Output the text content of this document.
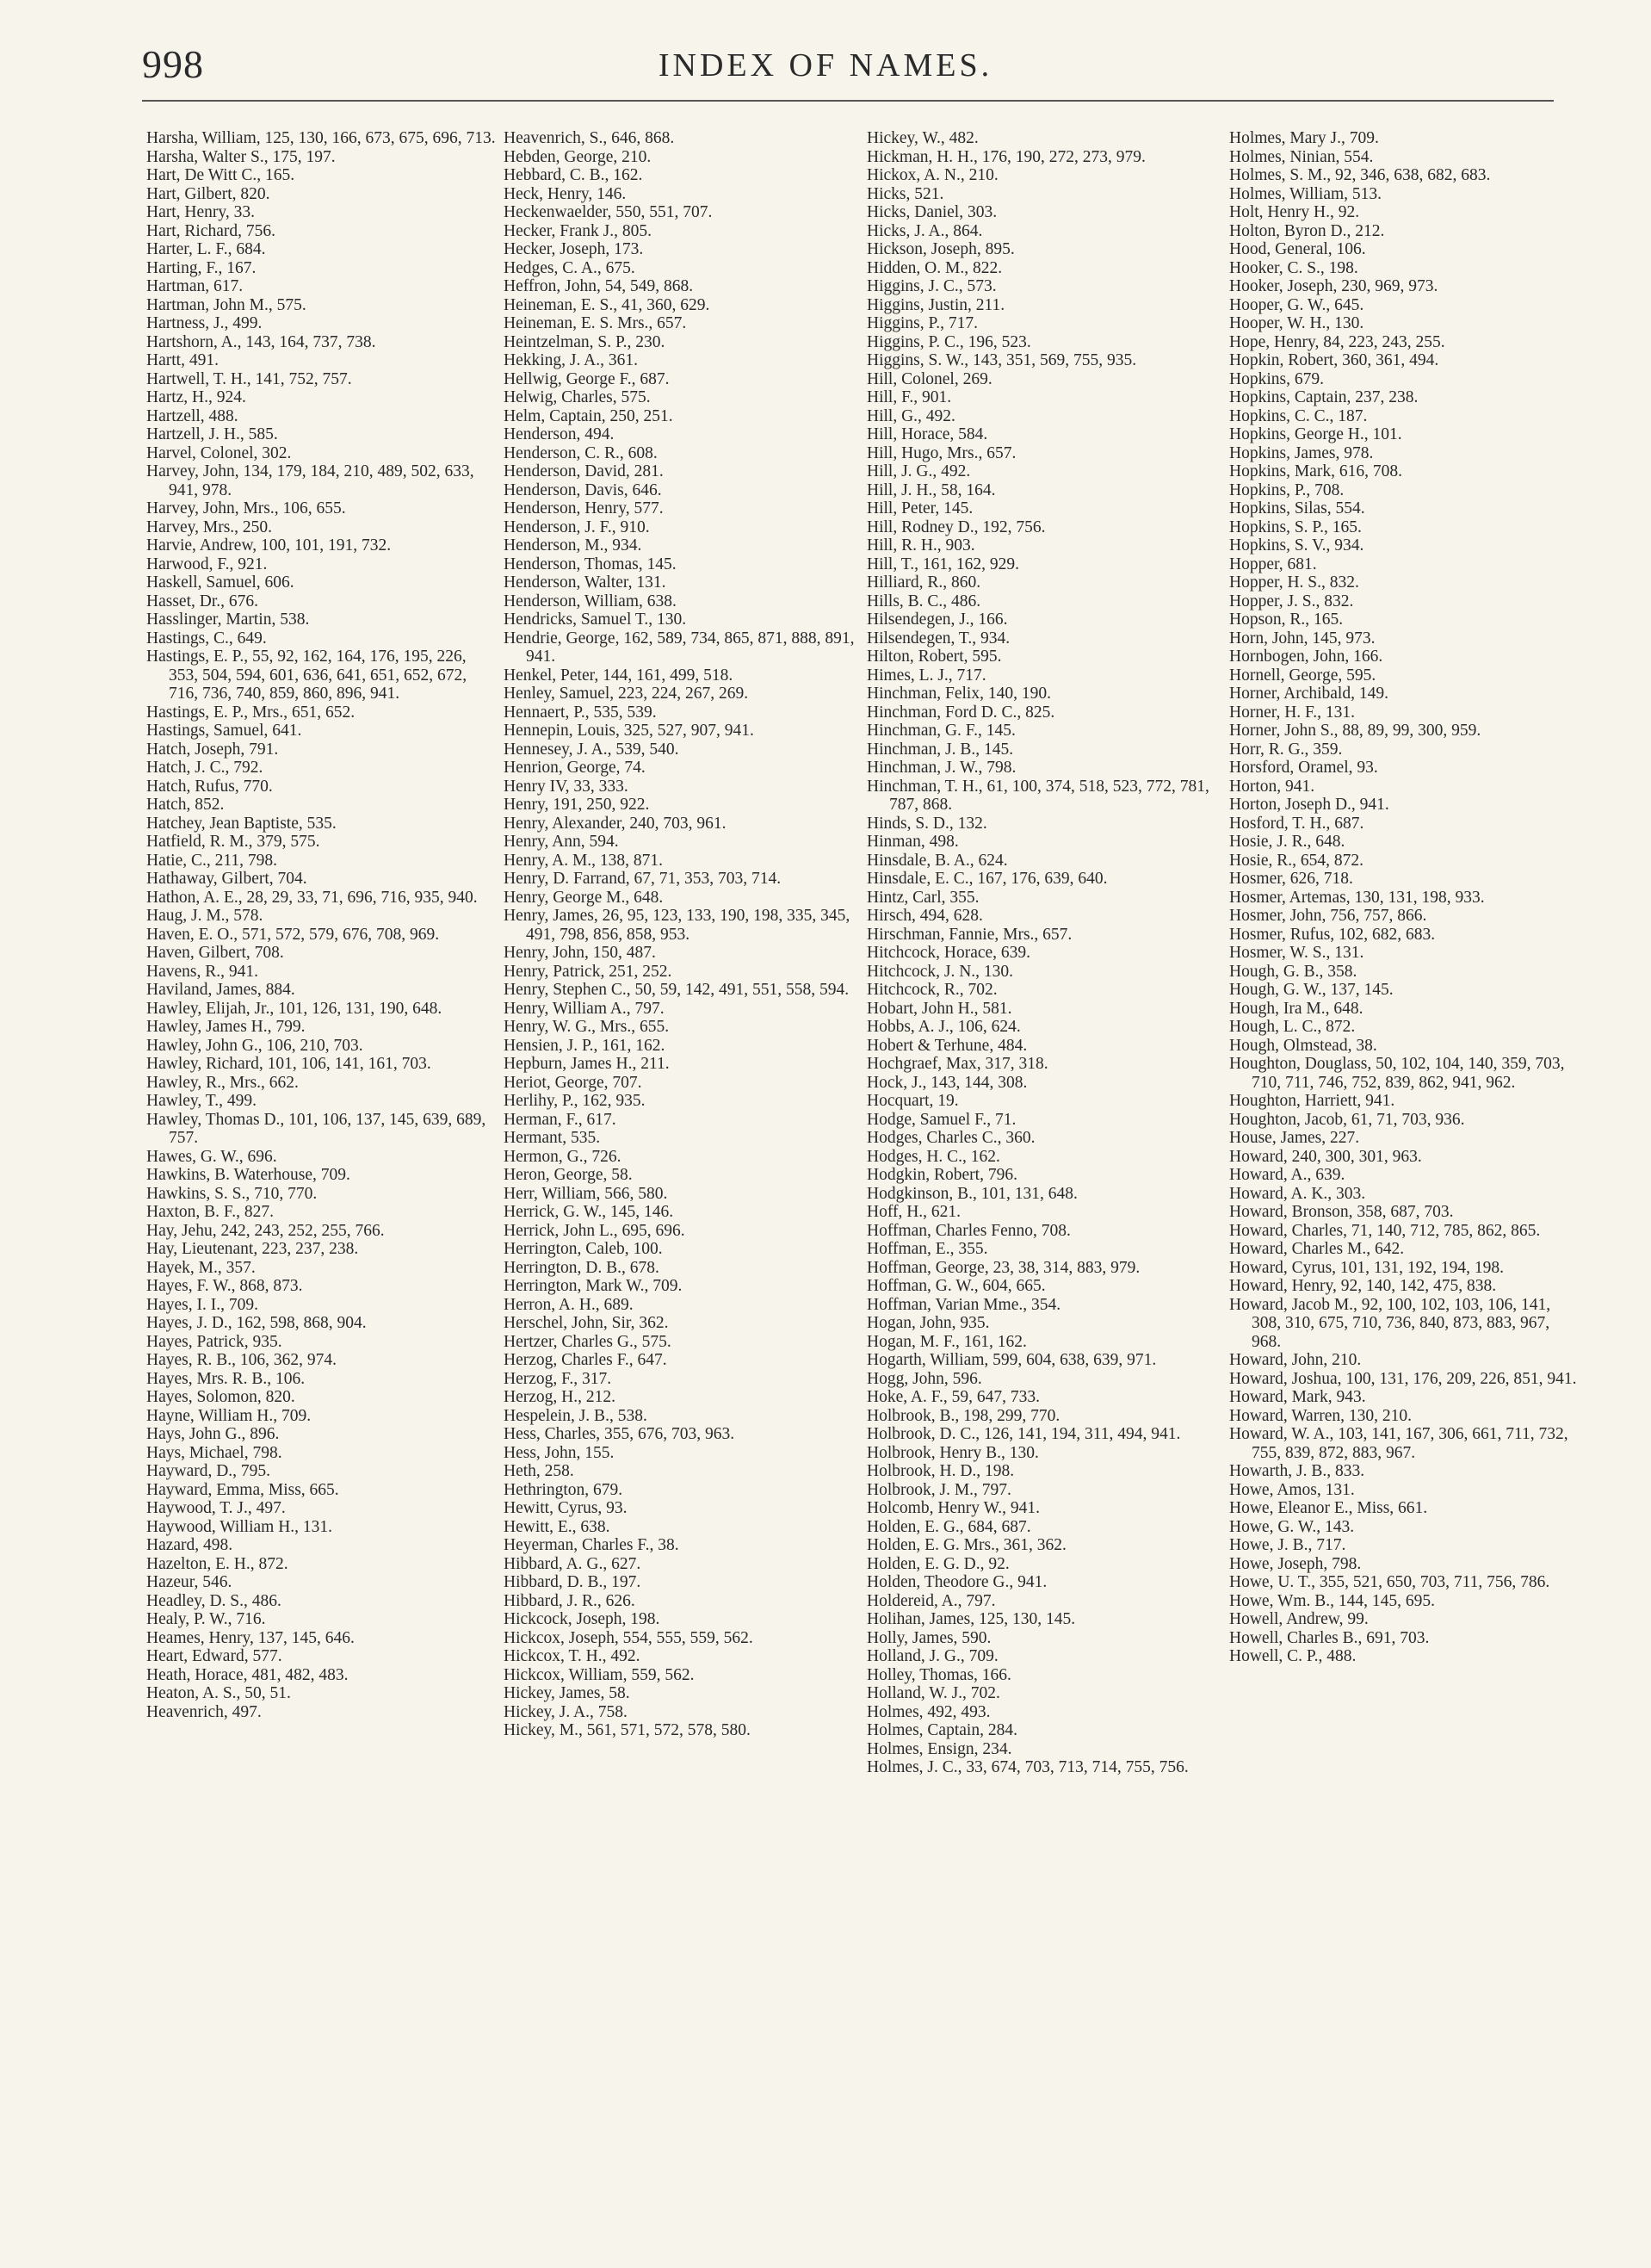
998	INDEX OF NAMES.
Harsha, William, 125, 130, 166, 673, 675, 696, 713.
Harsha, Walter S., 175, 197.
Hart, De Witt C., 165.
Hart, Gilbert, 820.
Hart, Henry, 33.
Hart, Richard, 756.
Harter, L. F., 684.
Harting, F., 167.
Hartman, 617.
Hartman, John M., 575.
Hartness, J., 499.
Hartshorn, A., 143, 164, 737, 738.
Hartt, 491.
Hartwell, T. H., 141, 752, 757.
Hartz, H., 924.
Hartzell, 488.
Hartzell, J. H., 585.
Harvel, Colonel, 302.
Harvey, John, 134, 179, 184, 210, 489, 502, 633, 941, 978.
Harvey, John, Mrs., 106, 655.
Harvey, Mrs., 250.
Harvie, Andrew, 100, 101, 191, 732.
Harwood, F., 921.
Haskell, Samuel, 606.
Hasset, Dr., 676.
Hasslinger, Martin, 538.
Hastings, C., 649.
Hastings, E. P., 55, 92, 162, 164, 176, 195, 226, 353, 504, 594, 601, 636, 641, 651, 652, 672, 716, 736, 740, 859, 860, 896, 941.
Hastings, E. P., Mrs., 651, 652.
Hastings, Samuel, 641.
Hatch, Joseph, 791.
Hatch, J. C., 792.
Hatch, Rufus, 770.
Hatch, 852.
Hatchey, Jean Baptiste, 535.
Hatfield, R. M., 379, 575.
Hatie, C., 211, 798.
Hathaway, Gilbert, 704.
Hathon, A. E., 28, 29, 33, 71, 696, 716, 935, 940.
Haug, J. M., 578.
Haven, E. O., 571, 572, 579, 676, 708, 969.
Haven, Gilbert, 708.
Havens, R., 941.
Haviland, James, 884.
Hawley, Elijah, Jr., 101, 126, 131, 190, 648.
Hawley, James H., 799.
Hawley, John G., 106, 210, 703.
Hawley, Richard, 101, 106, 141, 161, 703.
Hawley, R., Mrs., 662.
Hawley, T., 499.
Hawley, Thomas D., 101, 106, 137, 145, 639, 689, 757.
Hawes, G. W., 696.
Hawkins, B. Waterhouse, 709.
Hawkins, S. S., 710, 770.
Haxton, B. F., 827.
Hay, Jehu, 242, 243, 252, 255, 766.
Hay, Lieutenant, 223, 237, 238.
Hayek, M., 357.
Hayes, F. W., 868, 873.
Hayes, I. I., 709.
Hayes, J. D., 162, 598, 868, 904.
Hayes, Patrick, 935.
Hayes, R. B., 106, 362, 974.
Hayes, Mrs. R. B., 106.
Hayes, Solomon, 820.
Hayne, William H., 709.
Hays, John G., 896.
Hays, Michael, 798.
Hayward, D., 795.
Hayward, Emma, Miss, 665.
Haywood, T. J., 497.
Haywood, William H., 131.
Hazard, 498.
Hazelton, E. H., 872.
Hazeur, 546.
Headley, D. S., 486.
Healy, P. W., 716.
Heames, Henry, 137, 145, 646.
Heart, Edward, 577.
Heath, Horace, 481, 482, 483.
Heaton, A. S., 50, 51.
Heavenrich, 497.
Heavenrich, S., 646, 868.
Hebden, George, 210.
Hebbard, C. B., 162.
Heck, Henry, 146.
Heckenwaelder, 550, 551, 707.
Hecker, Frank J., 805.
Hecker, Joseph, 173.
Hedges, C. A., 675.
Heffron, John, 54, 549, 868.
Heineman, E. S., 41, 360, 629.
Heineman, E. S. Mrs., 657.
Heintzelman, S. P., 230.
Hekking, J. A., 361.
Hellwig, George F., 687.
Helwig, Charles, 575.
Helm, Captain, 250, 251.
Henderson, 494.
Henderson, C. R., 608.
Henderson, David, 281.
Henderson, Davis, 646.
Henderson, Henry, 577.
Henderson, J. F., 910.
Henderson, M., 934.
Henderson, Thomas, 145.
Henderson, Walter, 131.
Henderson, William, 638.
Hendricks, Samuel T., 130.
Hendrie, George, 162, 589, 734, 865, 871, 888, 891, 941.
Henkel, Peter, 144, 161, 499, 518.
Henley, Samuel, 223, 224, 267, 269.
Hennaert, P., 535, 539.
Hennepin, Louis, 325, 527, 907, 941.
Hennesey, J. A., 539, 540.
Henrion, George, 74.
Henry IV, 33, 333.
Henry, 191, 250, 922.
Henry, Alexander, 240, 703, 961.
Henry, Ann, 594.
Henry, A. M., 138, 871.
Henry, D. Farrand, 67, 71, 353, 703, 714.
Henry, George M., 648.
Henry, James, 26, 95, 123, 133, 190, 198, 335, 345, 491, 798, 856, 858, 953.
Henry, John, 150, 487.
Henry, Patrick, 251, 252.
Henry, Stephen C., 50, 59, 142, 491, 551, 558, 594.
Henry, William A., 797.
Henry, W. G., Mrs., 655.
Hensien, J. P., 161, 162.
Hepburn, James H., 211.
Heriot, George, 707.
Herlihy, P., 162, 935.
Herman, F., 617.
Hermant, 535.
Hermon, G., 726.
Heron, George, 58.
Herr, William, 566, 580.
Herrick, G. W., 145, 146.
Herrick, John L., 695, 696.
Herrington, Caleb, 100.
Herrington, D. B., 678.
Herrington, Mark W., 709.
Herron, A. H., 689.
Herschel, John, Sir, 362.
Hertzer, Charles G., 575.
Herzog, Charles F., 647.
Herzog, F., 317.
Herzog, H., 212.
Hespelein, J. B., 538.
Hess, Charles, 355, 676, 703, 963.
Hess, John, 155.
Heth, 258.
Hethrington, 679.
Hewitt, Cyrus, 93.
Hewitt, E., 638.
Heyerman, Charles F., 38.
Hibbard, A. G., 627.
Hibbard, D. B., 197.
Hibbard, J. R., 626.
Hickcock, Joseph, 198.
Hickcox, Joseph, 554, 555, 559, 562.
Hickcox, T. H., 492.
Hickcox, William, 559, 562.
Hickey, James, 58.
Hickey, J. A., 758.
Hickey, M., 561, 571, 572, 578, 580.
Hickey, W., 482.
Hickman, H. H., 176, 190, 272, 273, 979.
Hickox, A. N., 210.
Hicks, 521.
Hicks, Daniel, 303.
Hicks, J. A., 864.
Hickson, Joseph, 895.
Hidden, O. M., 822.
Higgins, J. C., 573.
Higgins, Justin, 211.
Higgins, P., 717.
Higgins, P. C., 196, 523.
Higgins, S. W., 143, 351, 569, 755, 935.
Hill, Colonel, 269.
Hill, F., 901.
Hill, G., 492.
Hill, Horace, 584.
Hill, Hugo, Mrs., 657.
Hill, J. G., 492.
Hill, J. H., 58, 164.
Hill, Peter, 145.
Hill, Rodney D., 192, 756.
Hill, R. H., 903.
Hill, T., 161, 162, 929.
Hilliard, R., 860.
Hills, B. C., 486.
Hilsendegen, J., 166.
Hilsendegen, T., 934.
Hilton, Robert, 595.
Himes, L. J., 717.
Hinchman, Felix, 140, 190.
Hinchman, Ford D. C., 825.
Hinchman, G. F., 145.
Hinchman, J. B., 145.
Hinchman, J. W., 798.
Hinchman, T. H., 61, 100, 374, 518, 523, 772, 781, 787, 868.
Hinds, S. D., 132.
Hinman, 498.
Hinsdale, B. A., 624.
Hinsdale, E. C., 167, 176, 639, 640.
Hintz, Carl, 355.
Hirsch, 494, 628.
Hirschman, Fannie, Mrs., 657.
Hitchcock, Horace, 639.
Hitchcock, J. N., 130.
Hitchcock, R., 702.
Hobart, John H., 581.
Hobbs, A. J., 106, 624.
Hobert & Terhune, 484.
Hochgraef, Max, 317, 318.
Hock, J., 143, 144, 308.
Hocquart, 19.
Hodge, Samuel F., 71.
Hodges, Charles C., 360.
Hodges, H. C., 162.
Hodgkin, Robert, 796.
Hodgkinson, B., 101, 131, 648.
Hoff, H., 621.
Hoffman, Charles Fenno, 708.
Hoffman, E., 355.
Hoffman, George, 23, 38, 314, 883, 979.
Hoffman, G. W., 604, 665.
Hoffman, Varian Mme., 354.
Hogan, John, 935.
Hogan, M. F., 161, 162.
Hogarth, William, 599, 604, 638, 639, 971.
Hogg, John, 596.
Hoke, A. F., 59, 647, 733.
Holbrook, B., 198, 299, 770.
Holbrook, D. C., 126, 141, 194, 311, 494, 941.
Holbrook, Henry B., 130.
Holbrook, H. D., 198.
Holbrook, J. M., 797.
Holcomb, Henry W., 941.
Holden, E. G., 684, 687.
Holden, E. G. Mrs., 361, 362.
Holden, E. G. D., 92.
Holden, Theodore G., 941.
Holdereid, A., 797.
Holihan, James, 125, 130, 145.
Holly, James, 590.
Holland, J. G., 709.
Holley, Thomas, 166.
Holland, W. J., 702.
Holmes, 492, 493.
Holmes, Captain, 284.
Holmes, Ensign, 234.
Holmes, J. C., 33, 674, 703, 713, 714, 755, 756.
Holmes, Mary J., 709.
Holmes, Ninian, 554.
Holmes, S. M., 92, 346, 638, 682, 683.
Holmes, William, 513.
Holt, Henry H., 92.
Holton, Byron D., 212.
Hood, General, 106.
Hooker, C. S., 198.
Hooker, Joseph, 230, 969, 973.
Hooper, G. W., 645.
Hooper, W. H., 130.
Hope, Henry, 84, 223, 243, 255.
Hopkin, Robert, 360, 361, 494.
Hopkins, 679.
Hopkins, Captain, 237, 238.
Hopkins, C. C., 187.
Hopkins, George H., 101.
Hopkins, James, 978.
Hopkins, Mark, 616, 708.
Hopkins, P., 708.
Hopkins, Silas, 554.
Hopkins, S. P., 165.
Hopkins, S. V., 934.
Hopper, 681.
Hopper, H. S., 832.
Hopper, J. S., 832.
Hopson, R., 165.
Horn, John, 145, 973.
Hornbogen, John, 166.
Hornell, George, 595.
Horner, Archibald, 149.
Horner, H. F., 131.
Horner, John S., 88, 89, 99, 300, 959.
Horr, R. G., 359.
Horsford, Oramel, 93.
Horton, 941.
Horton, Joseph D., 941.
Hosford, T. H., 687.
Hosie, J. R., 648.
Hosie, R., 654, 872.
Hosmer, 626, 718.
Hosmer, Artemas, 130, 131, 198, 933.
Hosmer, John, 756, 757, 866.
Hosmer, Rufus, 102, 682, 683.
Hosmer, W. S., 131.
Hough, G. B., 358.
Hough, G. W., 137, 145.
Hough, Ira M., 648.
Hough, L. C., 872.
Hough, Olmstead, 38.
Houghton, Douglass, 50, 102, 104, 140, 359, 703, 710, 711, 746, 752, 839, 862, 941, 962.
Houghton, Harriett, 941.
Houghton, Jacob, 61, 71, 703, 936.
House, James, 227.
Howard, 240, 300, 301, 963.
Howard, A., 639.
Howard, A. K., 303.
Howard, Bronson, 358, 687, 703.
Howard, Charles, 71, 140, 712, 785, 862, 865.
Howard, Charles M., 642.
Howard, Cyrus, 101, 131, 192, 194, 198.
Howard, Henry, 92, 140, 142, 475, 838.
Howard, Jacob M., 92, 100, 102, 103, 106, 141, 308, 310, 675, 710, 736, 840, 873, 883, 967, 968.
Howard, John, 210.
Howard, Joshua, 100, 131, 176, 209, 226, 851, 941.
Howard, Mark, 943.
Howard, Warren, 130, 210.
Howard, W. A., 103, 141, 167, 306, 661, 711, 732, 755, 839, 872, 883, 967.
Howarth, J. B., 833.
Howe, Amos, 131.
Howe, Eleanor E., Miss, 661.
Howe, G. W., 143.
Howe, J. B., 717.
Howe, Joseph, 798.
Howe, U. T., 355, 521, 650, 703, 711, 756, 786.
Howe, Wm. B., 144, 145, 695.
Howell, Andrew, 99.
Howell, Charles B., 691, 703.
Howell, C. P., 488.
